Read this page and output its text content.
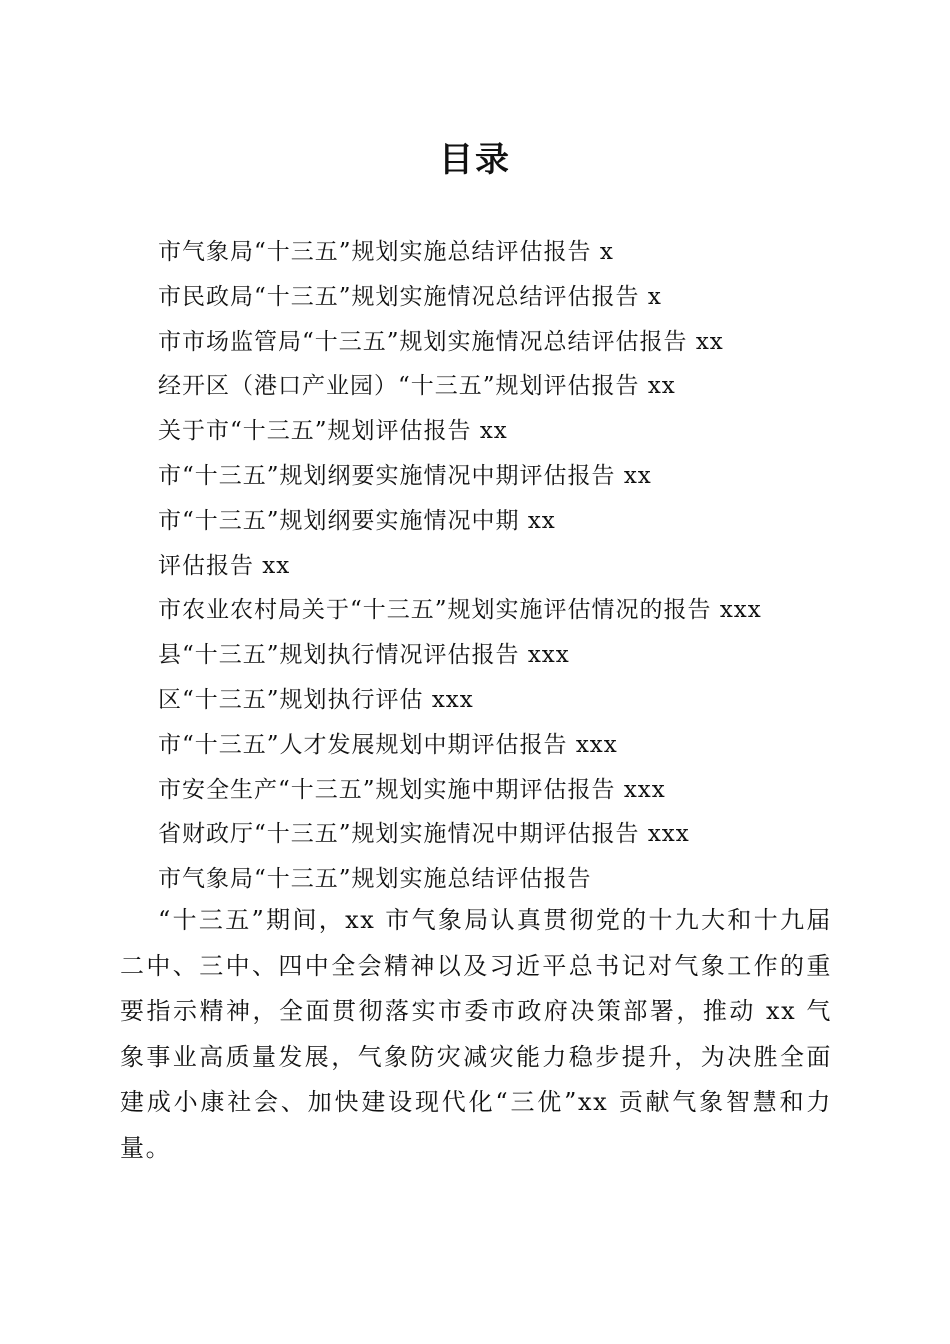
目录
市气象局“十三五”规划实施总结评估报告 x
市民政局“十三五”规划实施情况总结评估报告 x
市市场监管局“十三五”规划实施情况总结评估报告 xx
经开区（港口产业园）“十三五”规划评估报告 xx
关于市“十三五”规划评估报告 xx
市“十三五”规划纲要实施情况中期评估报告 xx
市“十三五”规划纲要实施情况中期 xx
评估报告 xx
市农业农村局关于“十三五”规划实施评估情况的报告 xxx
县“十三五”规划执行情况评估报告 xxx
区“十三五”规划执行评估 xxx
市“十三五”人才发展规划中期评估报告 xxx
市安全生产“十三五”规划实施中期评估报告 xxx
省财政厅“十三五”规划实施情况中期评估报告 xxx
市气象局“十三五”规划实施总结评估报告

“十三五”期间，xx 市气象局认真贯彻党的十九大和十九届二中、三中、四中全会精神以及习近平总书记对气象工作的重要指示精神，全面贯彻落实市委市政府决策部署，推动 xx 气象事业高质量发展，气象防灾减灾能力稳步提升，为决胜全面建成小康社会、加快建设现代化“三优”xx 贡献气象智慧和力量。
